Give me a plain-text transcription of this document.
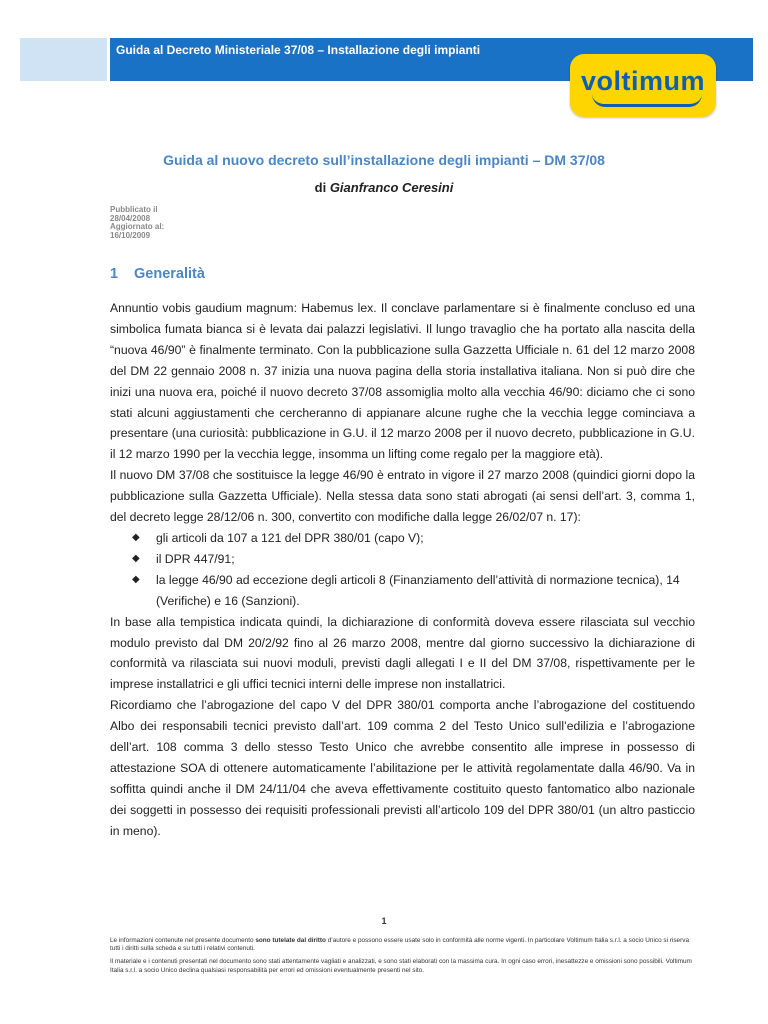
Guida al Decreto Ministeriale 37/08 – Installazione degli impianti
voltimum
Guida al nuovo decreto sull’installazione degli impianti – DM 37/08
di Gianfranco Ceresini
Pubblicato il
28/04/2008
Aggiornato al:
16/10/2009
1 Generalità

Annuntio vobis gaudium magnum: Habemus lex. Il conclave parlamentare si è finalmente concluso ed una simbolica fumata bianca si è levata dai palazzi legislativi. Il lungo travaglio che ha portato alla nascita della “nuova 46/90” è finalmente terminato. Con la pubblicazione sulla Gazzetta Ufficiale n. 61 del 12 marzo 2008 del DM 22 gennaio 2008 n. 37 inizia una nuova pagina della storia installativa italiana. Non si può dire che inizi una nuova era, poiché il nuovo decreto 37/08 assomiglia molto alla vecchia 46/90: diciamo che ci sono stati alcuni aggiustamenti che cercheranno di appianare alcune rughe che la vecchia legge cominciava a presentare (una curiosità: pubblicazione in G.U. il 12 marzo 2008 per il nuovo decreto, pubblicazione in G.U. il 12 marzo 1990 per la vecchia legge, insomma un lifting come regalo per la maggiore età).

Il nuovo DM 37/08 che sostituisce la legge 46/90 è entrato in vigore il 27 marzo 2008 (quindici giorni dopo la pubblicazione sulla Gazzetta Ufficiale). Nella stessa data sono stati abrogati (ai sensi dell’art. 3, comma 1, del decreto legge 28/12/06 n. 300, convertito con modifiche dalla legge 26/02/07 n. 17):

◆ gli articoli da 107 a 121 del DPR 380/01 (capo V);
◆ il DPR 447/91;
◆ la legge 46/90 ad eccezione degli articoli 8 (Finanziamento dell’attività di normazione tecnica), 14 (Verifiche) e 16 (Sanzioni).

In base alla tempistica indicata quindi, la dichiarazione di conformità doveva essere rilasciata sul vecchio modulo previsto dal DM 20/2/92 fino al 26 marzo 2008, mentre dal giorno successivo la dichiarazione di conformità va rilasciata sui nuovi moduli, previsti dagli allegati I e II del DM 37/08, rispettivamente per le imprese installatrici e gli uffici tecnici interni delle imprese non installatrici.

Ricordiamo che l’abrogazione del capo V del DPR 380/01 comporta anche l’abrogazione del costituendo Albo dei responsabili tecnici previsto dall’art. 109 comma 2 del Testo Unico sull’edilizia e l’abrogazione dell’art. 108 comma 3 dello stesso Testo Unico che avrebbe consentito alle imprese in possesso di attestazione SOA di ottenere automaticamente l’abilitazione per le attività regolamentate dalla 46/90. Va in soffitta quindi anche il DM 24/11/04 che aveva effettivamente costituito questo fantomatico albo nazionale dei soggetti in possesso dei requisiti professionali previsti all’articolo 109 del DPR 380/01 (un altro pasticcio in meno).

1

Le informazioni contenute nel presente documento sono tutelate dal diritto d’autore e possono essere usate solo in conformità alle norme vigenti. In particolare Voltimum Italia s.r.l. a socio Unico si riserva tutti i diritti sulla scheda e su tutti i relativi contenuti.

Il materiale e i contenuti presentati nel documento sono stati attentamente vagliati e analizzati, e sono stati elaborati con la massima cura. In ogni caso errori, inesattezze e omissioni sono possibili. Voltimum Italia s.r.l. a socio Unico declina qualsiasi responsabilità per errori ed omissioni eventualmente presenti nel sito.
